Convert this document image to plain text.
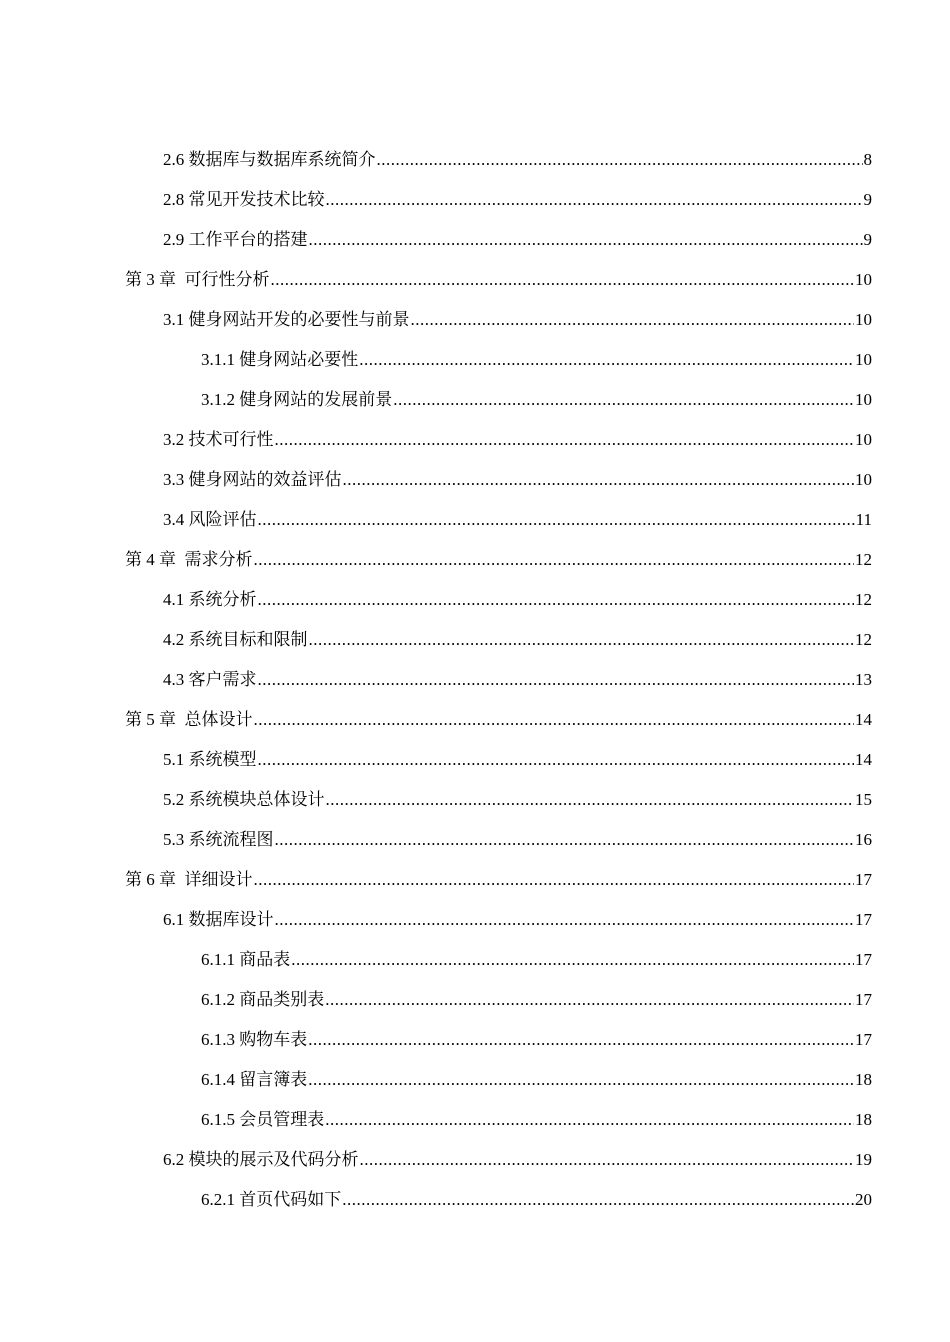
2.6 数据库与数据库系统简介 .....	8
2.8 常见开发技术比较 .....	9
2.9 工作平台的搭建 .....	9
第 3 章  可行性分析 .....	10
3.1 健身网站开发的必要性与前景 .....	10
3.1.1 健身网站必要性 .....	10
3.1.2 健身网站的发展前景 .....	10
3.2 技术可行性 .....	10
3.3 健身网站的效益评估 .....	10
3.4 风险评估 .....	11
第 4 章  需求分析 .....	12
4.1 系统分析 .....	12
4.2 系统目标和限制 .....	12
4.3 客户需求 .....	13
第 5 章  总体设计 .....	14
5.1 系统模型 .....	14
5.2 系统模块总体设计 .....	15
5.3 系统流程图 .....	16
第 6 章  详细设计 .....	17
6.1 数据库设计 .....	17
6.1.1 商品表 .....	17
6.1.2 商品类别表 .....	17
6.1.3 购物车表 .....	17
6.1.4 留言簿表 .....	18
6.1.5 会员管理表 .....	18
6.2 模块的展示及代码分析 .....	19
6.2.1 首页代码如下 .....	20
